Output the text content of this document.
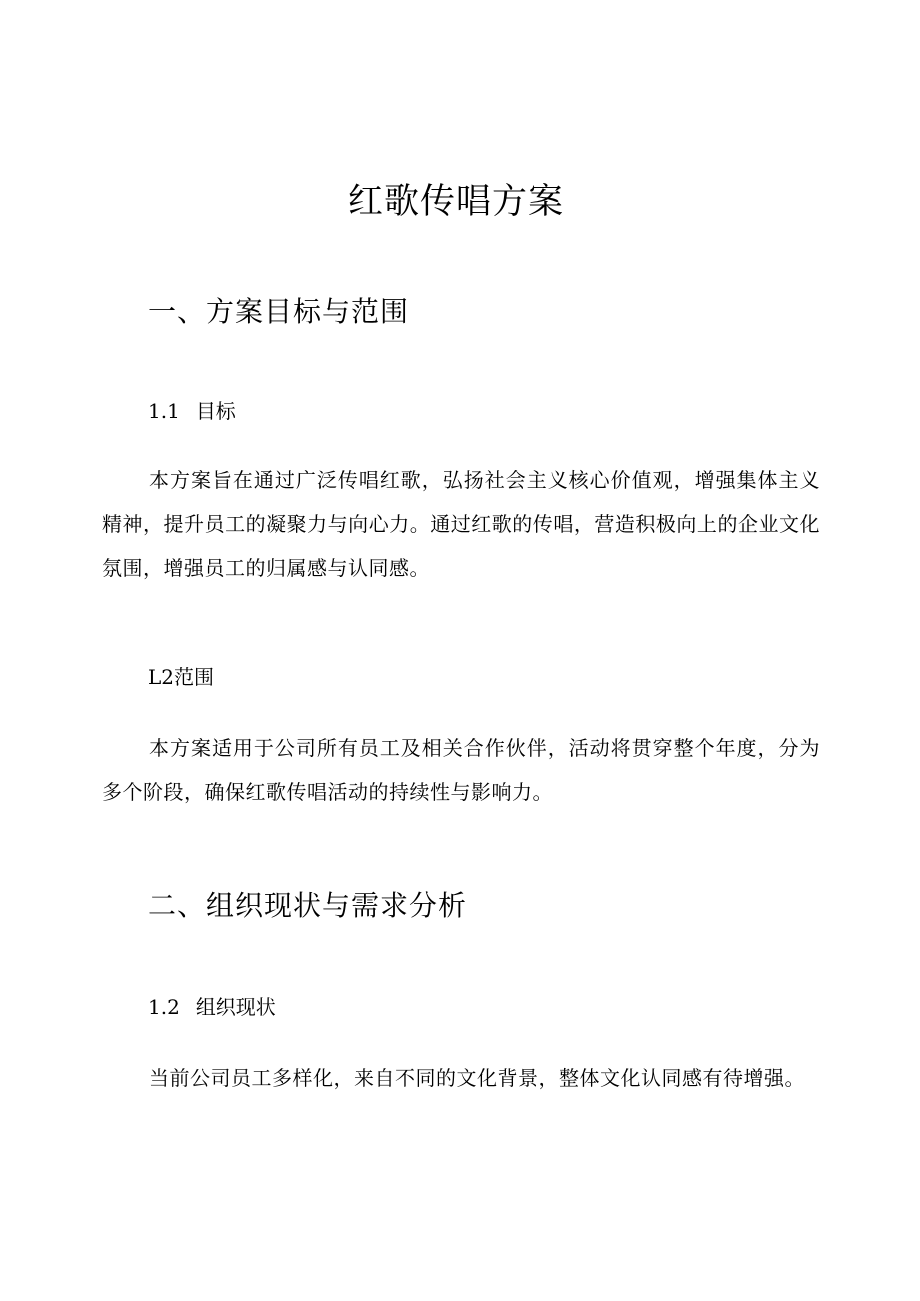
红歌传唱方案
一、方案目标与范围
1.1 目标

本方案旨在通过广泛传唱红歌，弘扬社会主义核心价值观，增强集体主义精神，提升员工的凝聚力与向心力。通过红歌的传唱，营造积极向上的企业文化氛围，增强员工的归属感与认同感。

L2范围

本方案适用于公司所有员工及相关合作伙伴，活动将贯穿整个年度，分为多个阶段，确保红歌传唱活动的持续性与影响力。

二、组织现状与需求分析
1.2 组织现状

当前公司员工多样化，来自不同的文化背景，整体文化认同感有待增强。
